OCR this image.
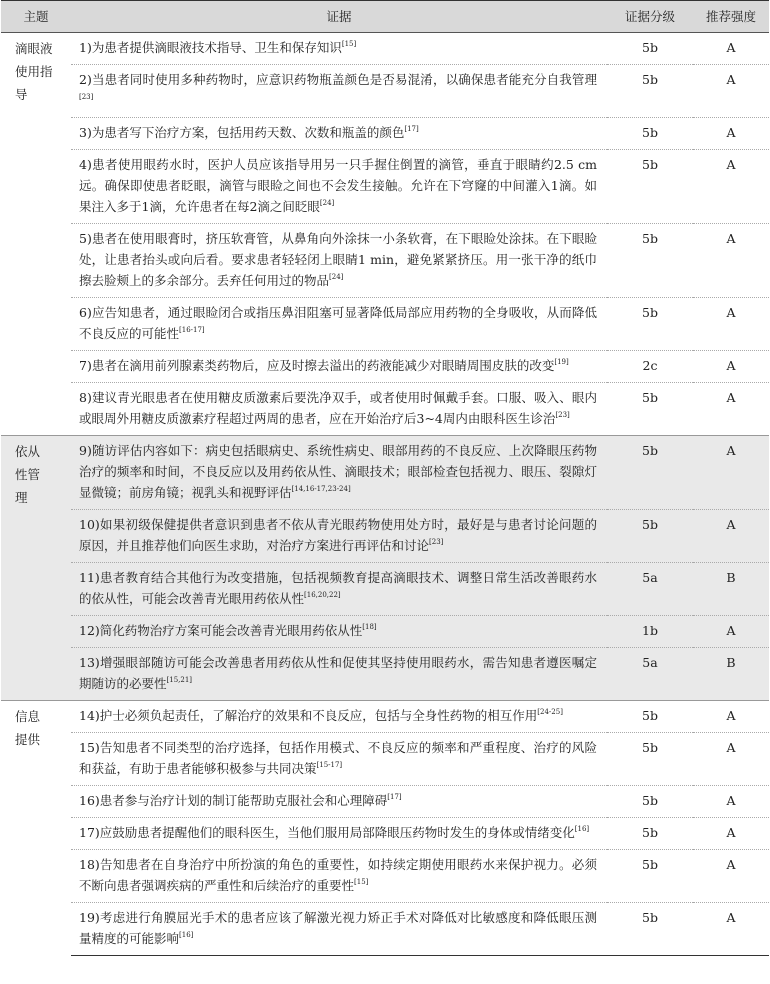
主题	证据	证据分级	推荐强度
滴眼液使用指导	1)为患者提供滴眼液技术指导、卫生和保存知识[15]	5b	A
	2)当患者同时使用多种药物时，应意识药物瓶盖颜色是否易混淆，以确保患者能充分自我管理[23]	5b	A
	3)为患者写下治疗方案，包括用药天数、次数和瓶盖的颜色[17]	5b	A
	4)患者使用眼药水时，医护人员应该指导用另一只手握住倒置的滴管，垂直于眼睛约2.5 cm远。确保即使患者眨眼，滴管与眼睑之间也不会发生接触。允许在下穹窿的中间灌入1滴。如果注入多于1滴，允许患者在每2滴之间眨眼[24]	5b	A
	5)患者在使用眼膏时，挤压软膏管，从鼻角向外涂抹一小条软膏，在下眼睑处涂抹。在下眼睑处，让患者抬头或向后看。要求患者轻轻闭上眼睛1 min，避免紧紧挤压。用一张干净的纸巾擦去脸颊上的多余部分。丢弃任何用过的物品[24]	5b	A
	6)应告知患者，通过眼睑闭合或指压鼻泪阻塞可显著降低局部应用药物的全身吸收，从而降低不良反应的可能性[16-17]	5b	A
	7)患者在滴用前列腺素类药物后，应及时擦去溢出的药液能减少对眼睛周围皮肤的改变[19]	2c	A
	8)建议青光眼患者在使用糖皮质激素后要洗净双手，或者使用时佩戴手套。口服、吸入、眼内或眼周外用糖皮质激素疗程超过两周的患者，应在开始治疗后3~4周内由眼科医生诊治[23]	5b	A
依从性管理	9)随访评估内容如下：病史包括眼病史、系统性病史、眼部用药的不良反应、上次降眼压药物治疗的频率和时间，不良反应以及用药依从性、滴眼技术；眼部检查包括视力、眼压、裂隙灯显微镜；前房角镜；视乳头和视野评估[14,16-17,23-24]	5b	A
	10)如果初级保健提供者意识到患者不依从青光眼药物使用处方时，最好是与患者讨论问题的原因，并且推荐他们向医生求助，对治疗方案进行再评估和讨论[23]	5b	A
	11)患者教育结合其他行为改变措施，包括视频教育提高滴眼技术、调整日常生活改善眼药水的依从性，可能会改善青光眼用药依从性[16,20,22]	5a	B
	12)简化药物治疗方案可能会改善青光眼用药依从性[18]	1b	A
	13)增强眼部随访可能会改善患者用药依从性和促使其坚持使用眼药水，需告知患者遵医嘱定期随访的必要性[15,21]	5a	B
信息提供	14)护士必须负起责任，了解治疗的效果和不良反应，包括与全身性药物的相互作用[24-25]	5b	A
	15)告知患者不同类型的治疗选择，包括作用模式、不良反应的频率和严重程度、治疗的风险和获益，有助于患者能够积极参与共同决策[15-17]	5b	A
	16)患者参与治疗计划的制订能帮助克服社会和心理障碍[17]	5b	A
	17)应鼓励患者提醒他们的眼科医生，当他们服用局部降眼压药物时发生的身体或情绪变化[16]	5b	A
	18)告知患者在自身治疗中所扮演的角色的重要性，如持续定期使用眼药水来保护视力。必须不断向患者强调疾病的严重性和后续治疗的重要性[15]	5b	A
	19)考虑进行角膜屈光手术的患者应该了解激光视力矫正手术对降低对比敏感度和降低眼压测量精度的可能影响[16]	5b	A
